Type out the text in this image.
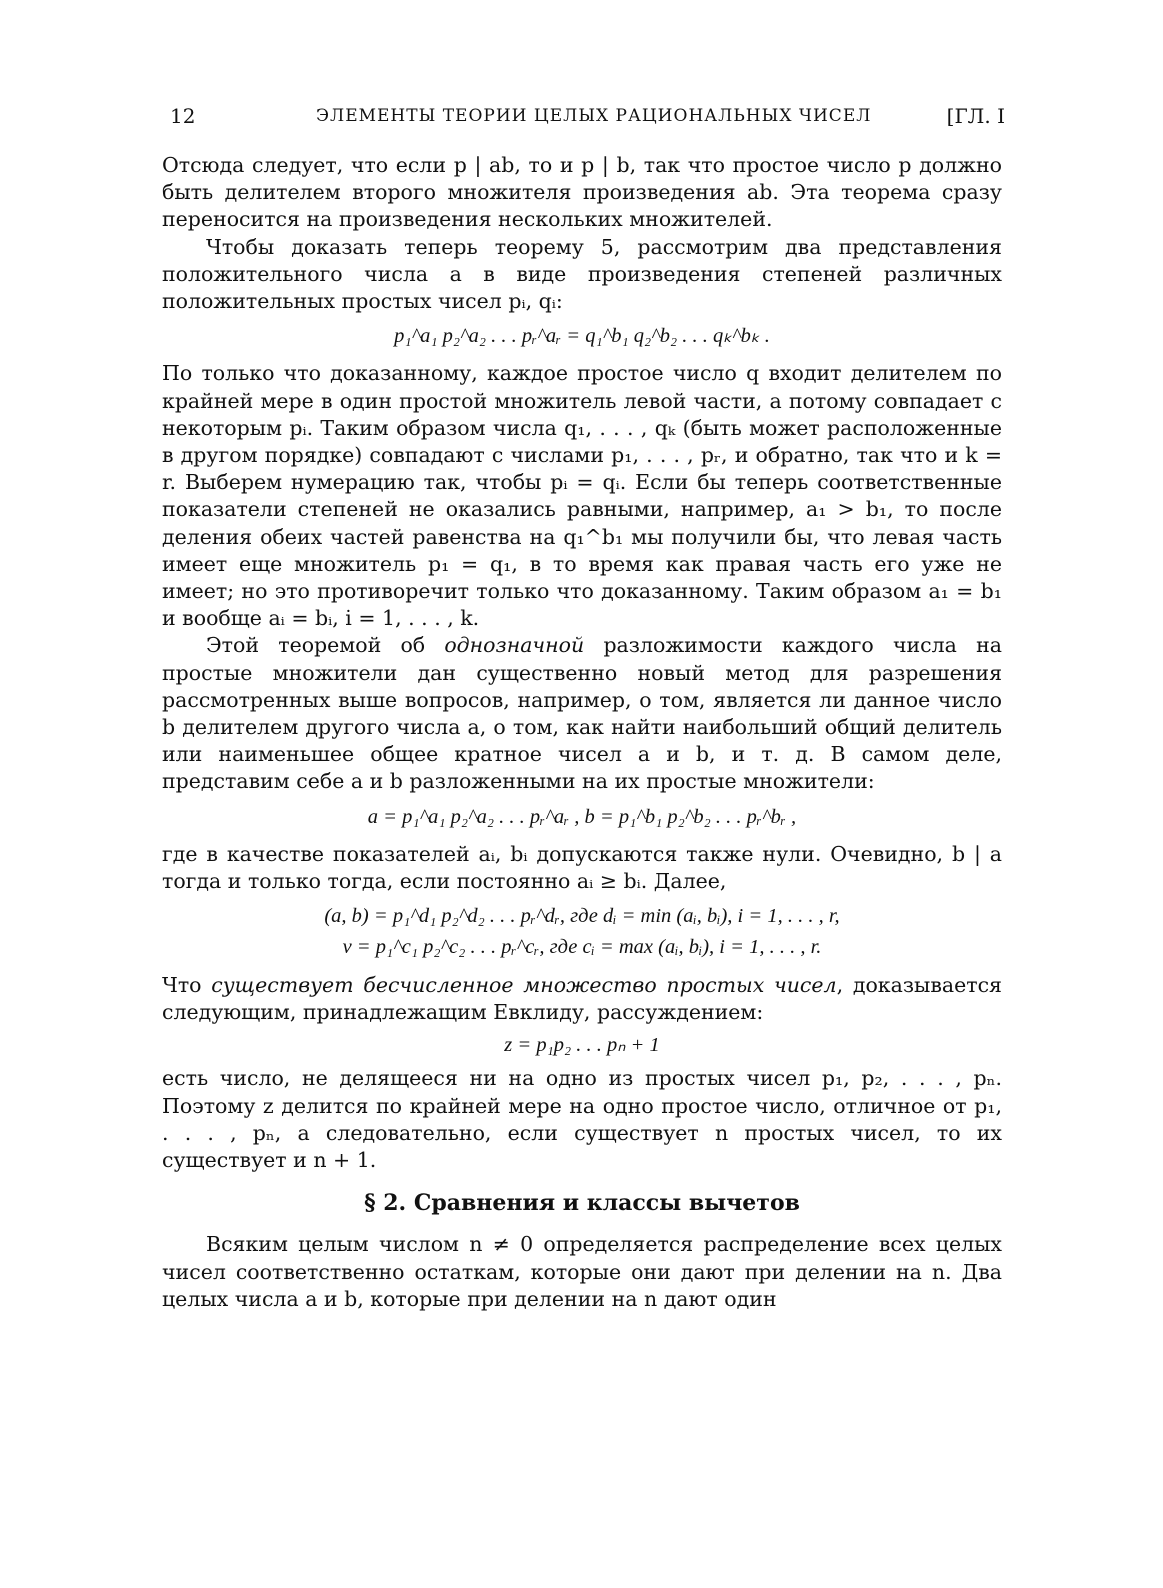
12	ЭЛЕМЕНТЫ ТЕОРИИ ЦЕЛЫХ РАЦИОНАЛЬНЫХ ЧИСЕЛ	[ГЛ. I

Отсюда следует, что если p | ab, то и p | b, так что простое число p должно быть делителем второго множителя произведения ab. Эта теорема сразу переносится на произведения нескольких множителей.

Чтобы доказать теперь теорему 5, рассмотрим два представления положительного числа a в виде произведения степеней различных положительных простых чисел pᵢ, qᵢ:

p₁^a₁ p₂^a₂ . . . pᵣ^aᵣ = q₁^b₁ q₂^b₂ . . . qₖ^bₖ .

По только что доказанному, каждое простое число q входит делителем по крайней мере в один простой множитель левой части, а потому совпадает с некоторым pᵢ. Таким образом числа q₁, . . . , qₖ (быть может расположенные в другом порядке) совпадают с числами p₁, . . . , pᵣ, и обратно, так что и k = r. Выберем нумерацию так, чтобы pᵢ = qᵢ. Если бы теперь соответственные показатели степеней не оказались равными, например, a₁ > b₁, то после деления обеих частей равенства на q₁^b₁ мы получили бы, что левая часть имеет еще множитель p₁ = q₁, в то время как правая часть его уже не имеет; но это противоречит только что доказанному. Таким образом a₁ = b₁ и вообще aᵢ = bᵢ, i = 1, . . . , k.

Этой теоремой об однозначной разложимости каждого числа на простые множители дан существенно новый метод для разрешения рассмотренных выше вопросов, например, о том, является ли данное число b делителем другого числа a, о том, как найти наибольший общий делитель или наименьшее общее кратное чисел a и b, и т. д. В самом деле, представим себе a и b разложенными на их простые множители:

a = p₁^a₁ p₂^a₂ . . . pᵣ^aᵣ , b = p₁^b₁ p₂^b₂ . . . pᵣ^bᵣ ,

где в качестве показателей aᵢ, bᵢ допускаются также нули. Очевидно, b | a тогда и только тогда, если постоянно aᵢ ≥ bᵢ. Далее,

(a, b) = p₁^d₁ p₂^d₂ . . . pᵣ^dᵣ, где dᵢ = min (aᵢ, bᵢ), i = 1, . . . , r,

v = p₁^c₁ p₂^c₂ . . . pᵣ^cᵣ, где cᵢ = max (aᵢ, bᵢ), i = 1, . . . , r.

Что существует бесчисленное множество простых чисел, доказывается следующим, принадлежащим Евклиду, рассуждением:

z = p₁p₂ . . . pₙ + 1

есть число, не делящееся ни на одно из простых чисел p₁, p₂, . . . , pₙ. Поэтому z делится по крайней мере на одно простое число, отличное от p₁, . . . , pₙ, а следовательно, если существует n простых чисел, то их существует и n + 1.

§ 2. Сравнения и классы вычетов

Всяким целым числом n ≠ 0 определяется распределение всех целых чисел соответственно остаткам, которые они дают при делении на n. Два целых числа a и b, которые при делении на n дают один
